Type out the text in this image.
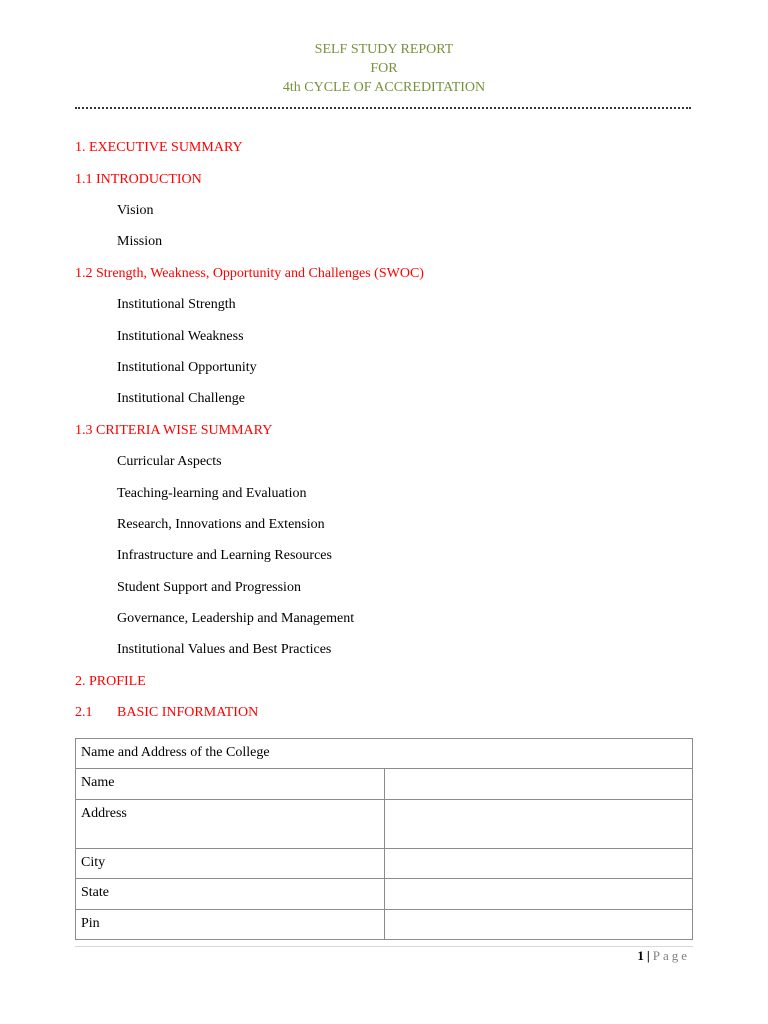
SELF STUDY REPORT
FOR
4th CYCLE OF ACCREDITATION
1. EXECUTIVE SUMMARY
1.1 INTRODUCTION
Vision
Mission
1.2 Strength, Weakness, Opportunity and Challenges (SWOC)
Institutional Strength
Institutional Weakness
Institutional Opportunity
Institutional Challenge
1.3 CRITERIA WISE SUMMARY
Curricular Aspects
Teaching-learning and Evaluation
Research, Innovations and Extension
Infrastructure and Learning Resources
Student Support and Progression
Governance, Leadership and Management
Institutional Values and Best Practices
2. PROFILE
2.1 BASIC INFORMATION
Name and Address of the College	
Name	
Address	
City	
State	
Pin	
1 | Page
